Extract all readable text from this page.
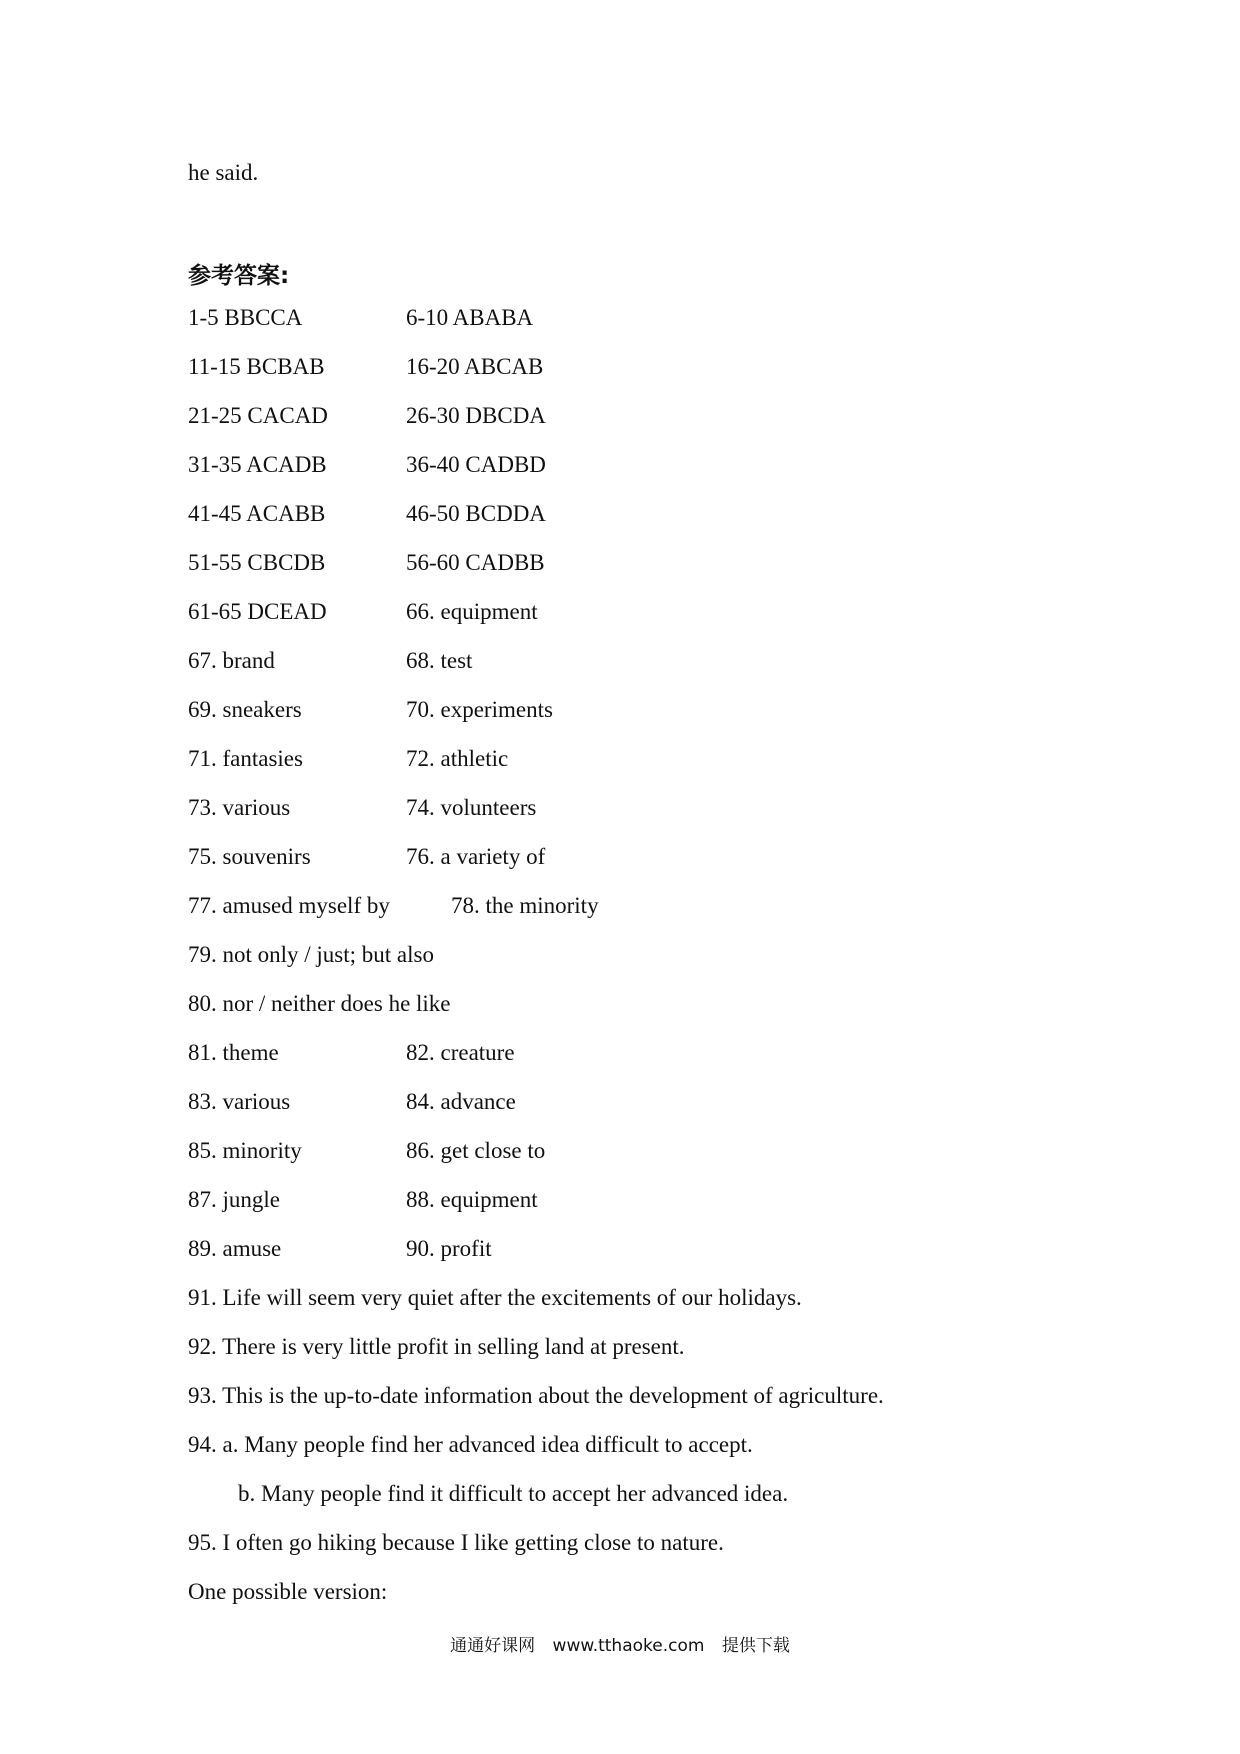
he said.
参考答案:
1-5 BBCCA	6-10 ABABA
11-15 BCBAB	16-20 ABCAB
21-25 CACAD	26-30 DBCDA
31-35 ACADB	36-40 CADBD
41-45 ACABB	46-50 BCDDA
51-55 CBCDB	56-60 CADBB
61-65 DCEAD	66. equipment
67. brand	68. test
69. sneakers	70. experiments
71. fantasies	72. athletic
73. various	74. volunteers
75. souvenirs	76. a variety of
77. amused myself by	78. the minority
79. not only / just; but also
80. nor / neither does he like
81. theme	82. creature
83. various	84. advance
85. minority	86. get close to
87. jungle	88. equipment
89. amuse	90. profit
91. Life will seem very quiet after the excitements of our holidays.
92. There is very little profit in selling land at present.
93. This is the up-to-date information about the development of agriculture.
94. a. Many people find her advanced idea difficult to accept.
b. Many people find it difficult to accept her advanced idea.
95. I often go hiking because I like getting close to nature.
One possible version:
通通好课网 www.tthaoke.com 提供下载
